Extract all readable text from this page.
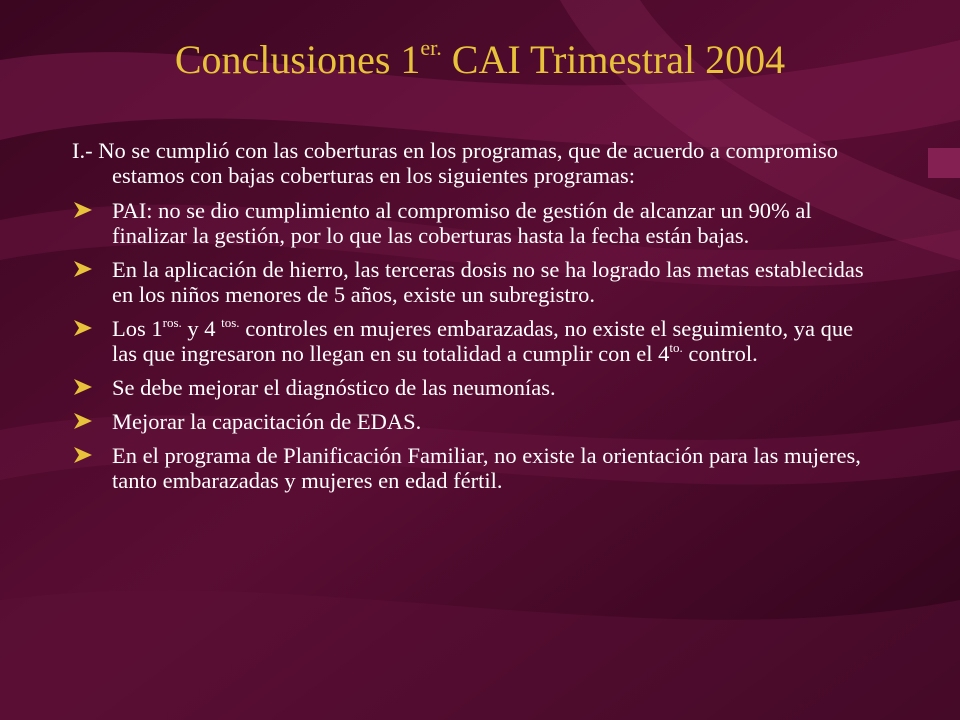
Conclusiones $1^{er.}$ CAI Trimestral 2004

I.- No se cumplió con las coberturas en los programas, que de acuerdo a compromiso estamos con bajas coberturas en los siguientes programas:

PAI: no se dio cumplimiento al compromiso de gestión de alcanzar un 90% al finalizar la gestión, por lo que las coberturas hasta la fecha están bajas.
En la aplicación de hierro, las terceras dosis no se ha logrado las metas establecidas en los niños menores de 5 años, existe un subregistro.
Los $1^{ros.}$ y 4 $^{tos.}$ controles en mujeres embarazadas, no existe el seguimiento, ya que las que ingresaron no llegan en su totalidad a cumplir con el $4^{to.}$ control.
Se debe mejorar el diagnóstico de las neumonías.
Mejorar la capacitación de EDAS.
En el programa de Planificación Familiar, no existe la orientación para las mujeres, tanto embarazadas y mujeres en edad fértil.
